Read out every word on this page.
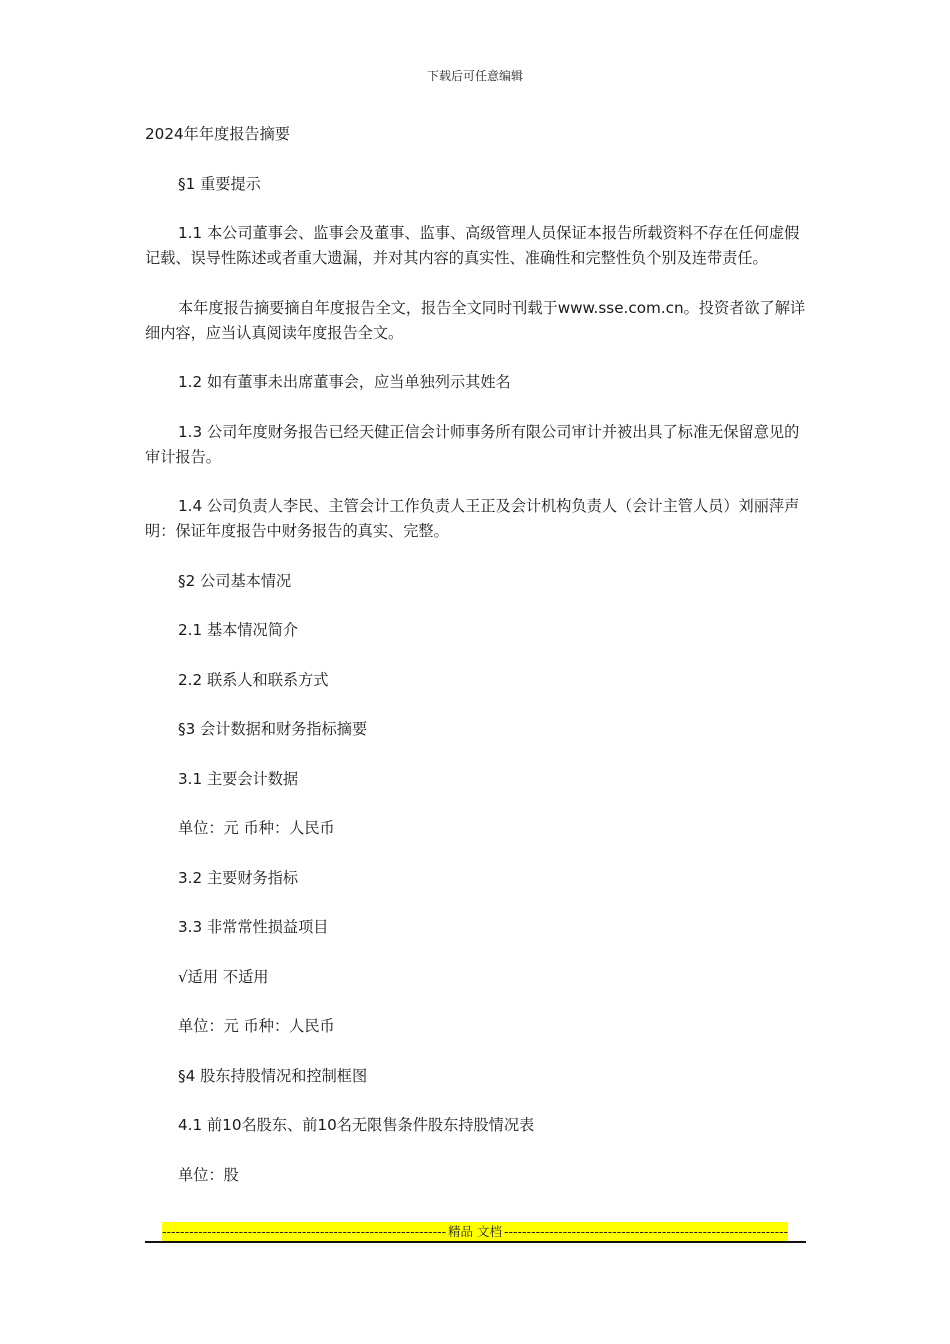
下载后可任意编辑

2024年年度报告摘要

§1 重要提示

1.1 本公司董事会、监事会及董事、监事、高级管理人员保证本报告所载资料不存在任何虚假记载、误导性陈述或者重大遗漏，并对其内容的真实性、准确性和完整性负个别及连带责任。

本年度报告摘要摘自年度报告全文，报告全文同时刊载于www.sse.com.cn。投资者欲了解详细内容，应当认真阅读年度报告全文。

1.2 如有董事未出席董事会，应当单独列示其姓名

1.3 公司年度财务报告已经天健正信会计师事务所有限公司审计并被出具了标准无保留意见的审计报告。

1.4 公司负责人李民、主管会计工作负责人王正及会计机构负责人（会计主管人员）刘丽萍声明：保证年度报告中财务报告的真实、完整。

§2 公司基本情况

2.1 基本情况简介

2.2 联系人和联系方式

§3 会计数据和财务指标摘要

3.1 主要会计数据

单位：元 币种：人民币

3.2 主要财务指标

3.3 非常常性损益项目

√适用 不适用

单位：元 币种：人民币

§4 股东持股情况和控制框图

4.1 前10名股东、前10名无限售条件股东持股情况表

单位：股

-----
精品 文档
-----
